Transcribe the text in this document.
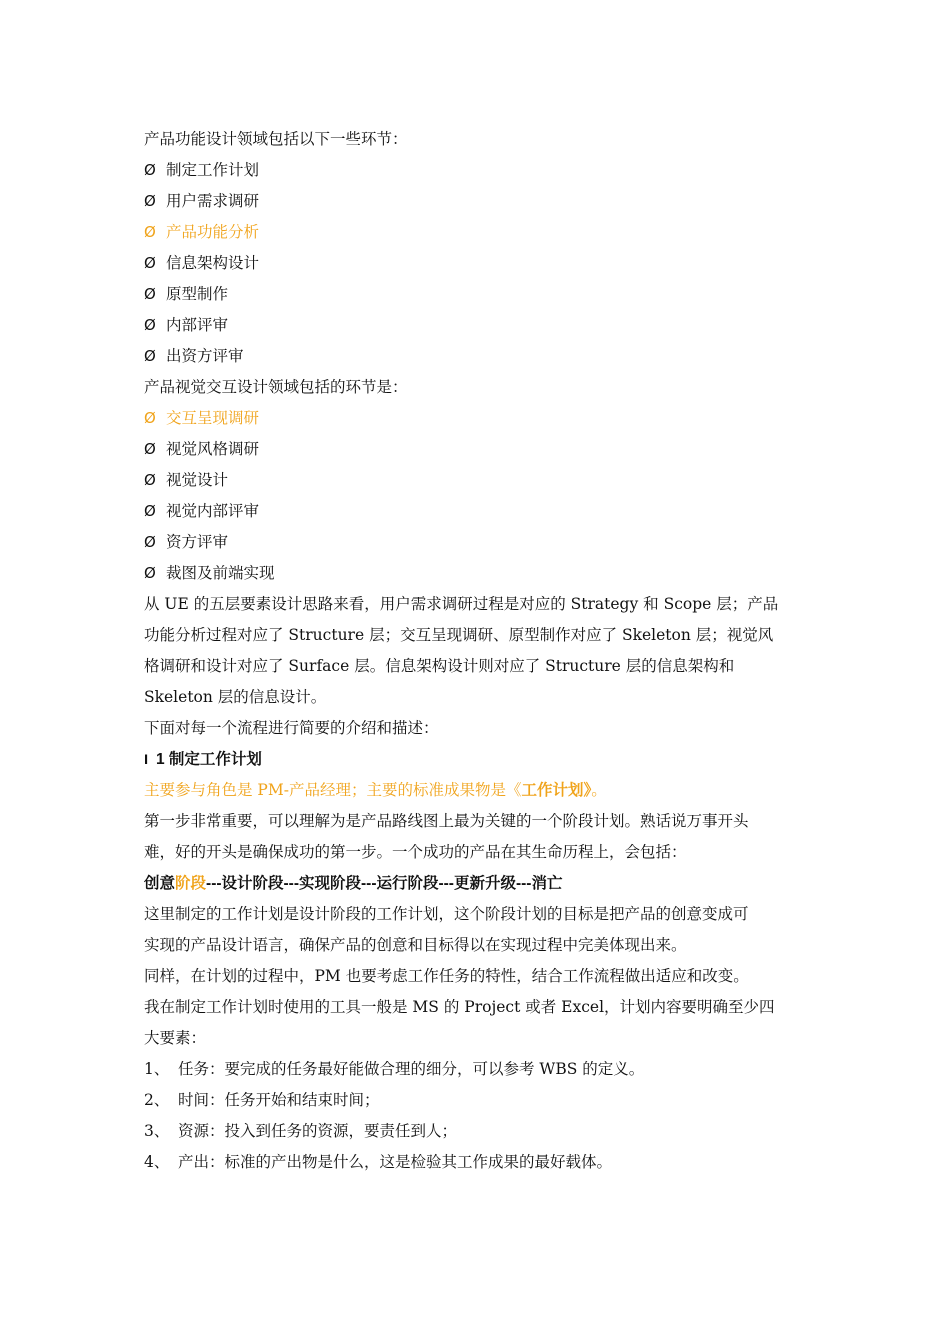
产品功能设计领域包括以下一些环节：

Ø 制定工作计划

Ø 用户需求调研

Ø 产品功能分析

Ø 信息架构设计

Ø 原型制作

Ø 内部评审

Ø 出资方评审

产品视觉交互设计领域包括的环节是：

Ø 交互呈现调研

Ø 视觉风格调研

Ø 视觉设计

Ø 视觉内部评审

Ø 资方评审

Ø 裁图及前端实现

从 UE 的五层要素设计思路来看，用户需求调研过程是对应的 Strategy 和 Scope 层；产品

功能分析过程对应了 Structure 层；交互呈现调研、原型制作对应了 Skeleton 层；视觉风

格调研和设计对应了 Surface 层。信息架构设计则对应了 Structure 层的信息架构和

Skeleton 层的信息设计。

下面对每一个流程进行简要的介绍和描述：

l 1 制定工作计划

主要参与角色是 PM-产品经理；主要的标准成果物是《工作计划》。

第一步非常重要，可以理解为是产品路线图上最为关键的一个阶段计划。熟话说万事开头

难，好的开头是确保成功的第一步。一个成功的产品在其生命历程上，会包括：

创意阶段---设计阶段---实现阶段---运行阶段---更新升级---消亡

这里制定的工作计划是设计阶段的工作计划，这个阶段计划的目标是把产品的创意变成可

实现的产品设计语言，确保产品的创意和目标得以在实现过程中完美体现出来。

同样，在计划的过程中，PM 也要考虑工作任务的特性，结合工作流程做出适应和改变。

我在制定工作计划时使用的工具一般是 MS 的 Project 或者 Excel，计划内容要明确至少四

大要素：

1、 任务：要完成的任务最好能做合理的细分，可以参考 WBS 的定义。

2、 时间：任务开始和结束时间；

3、 资源：投入到任务的资源，要责任到人；

4、 产出：标准的产出物是什么，这是检验其工作成果的最好载体。
